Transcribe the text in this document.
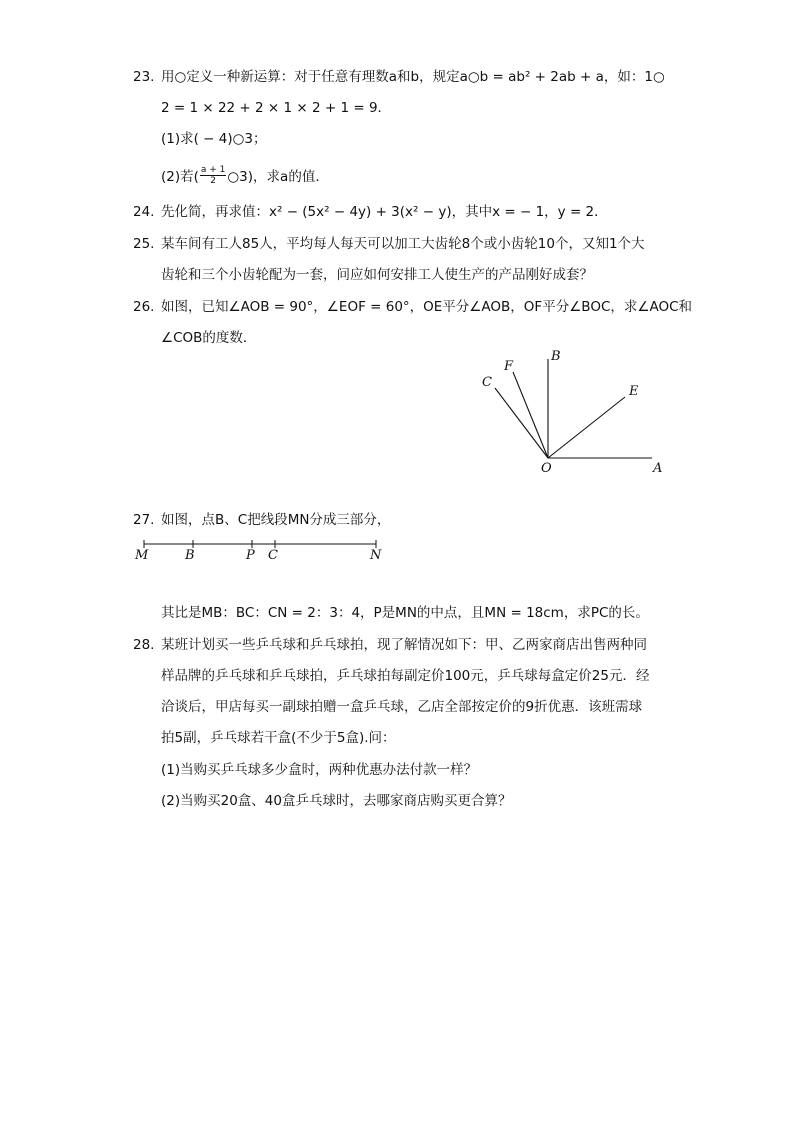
23. 用○定义一种新运算：对于任意有理数a和b，规定a○b = ab² + 2ab + a，如：1○
2 = 1 × 22 + 2 × 1 × 2 + 1 = 9．
(1)求( − 4)○3；
(2)若( $\frac{a + 1}{2}$ ○3)，求a的值．
24. 先化简，再求值：x² − (5x² − 4y) + 3(x² − y)，其中x = − 1，y = 2．
25. 某车间有工人85人，平均每人每天可以加工大齿轮8个或小齿轮10个，又知1个大
齿轮和三个小齿轮配为一套，问应如何安排工人使生产的产品刚好成套？
26. 如图，已知∠AOB = 90°，∠EOF = 60°，OE平分∠AOB，OF平分∠BOC，求∠AOC和
∠COB的度数．
B
F
C
E
O	A
27. 如图，点B、C把线段MN分成三部分，
M	B	P C	N
其比是MB：BC：CN = 2：3：4，P是MN的中点，且MN = 18cm，求PC的长。
28. 某班计划买一些乒乓球和乒乓球拍，现了解情况如下：甲、乙两家商店出售两种同
样品牌的乒乓球和乒乓球拍，乒乓球拍每副定价100元，乒乓球每盒定价25元．经
洽谈后，甲店每买一副球拍赠一盒乒乓球，乙店全部按定价的9折优惠．该班需球
拍5副，乒乓球若干盒(不少于5盒).问：
(1)当购买乒乓球多少盒时，两种优惠办法付款一样？
(2)当购买20盒、40盒乒乓球时，去哪家商店购买更合算？
